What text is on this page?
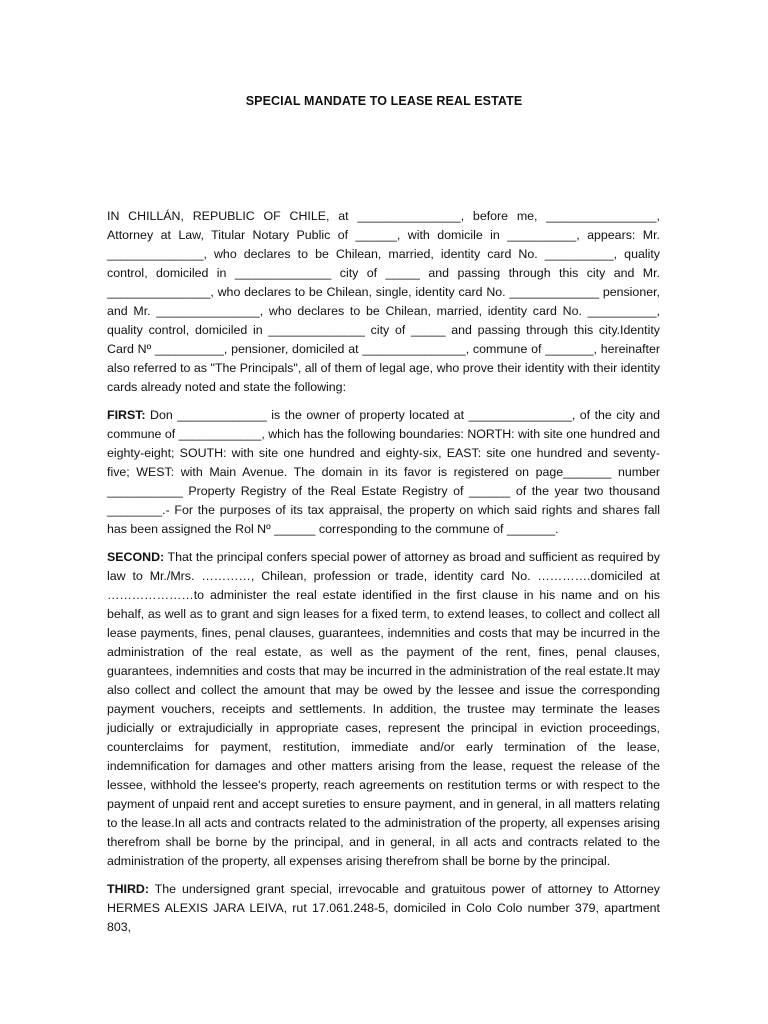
SPECIAL MANDATE TO LEASE REAL ESTATE

IN CHILLÁN, REPUBLIC OF CHILE, at _______________, before me, ________________, Attorney at Law, Titular Notary Public of ______, with domicile in __________, appears: Mr. ______________, who declares to be Chilean, married, identity card No. __________, quality control, domiciled in ______________ city of _____ and passing through this city and Mr. _______________, who declares to be Chilean, single, identity card No. _____________ pensioner, and Mr. _______________, who declares to be Chilean, married, identity card No. __________, quality control, domiciled in ______________ city of _____ and passing through this city.Identity Card Nº __________, pensioner, domiciled at _______________, commune of _______, hereinafter also referred to as "The Principals", all of them of legal age, who prove their identity with their identity cards already noted and state the following:

FIRST: Don _____________ is the owner of property located at _______________, of the city and commune of ____________, which has the following boundaries: NORTH: with site one hundred and eighty-eight; SOUTH: with site one hundred and eighty-six, EAST: site one hundred and seventy-five; WEST: with Main Avenue. The domain in its favor is registered on page_______ number ___________ Property Registry of the Real Estate Registry of ______ of the year two thousand ________.- For the purposes of its tax appraisal, the property on which said rights and shares fall has been assigned the Rol Nº ______ corresponding to the commune of _______.

SECOND: That the principal confers special power of attorney as broad and sufficient as required by law to Mr./Mrs. …………, Chilean, profession or trade, identity card No. ………….domiciled at …………………to administer the real estate identified in the first clause in his name and on his behalf, as well as to grant and sign leases for a fixed term, to extend leases, to collect and collect all lease payments, fines, penal clauses, guarantees, indemnities and costs that may be incurred in the administration of the real estate, as well as the payment of the rent, fines, penal clauses, guarantees, indemnities and costs that may be incurred in the administration of the real estate.It may also collect and collect the amount that may be owed by the lessee and issue the corresponding payment vouchers, receipts and settlements. In addition, the trustee may terminate the leases judicially or extrajudicially in appropriate cases, represent the principal in eviction proceedings, counterclaims for payment, restitution, immediate and/or early termination of the lease, indemnification for damages and other matters arising from the lease, request the release of the lessee, withhold the lessee's property, reach agreements on restitution terms or with respect to the payment of unpaid rent and accept sureties to ensure payment, and in general, in all matters relating to the lease.In all acts and contracts related to the administration of the property, all expenses arising therefrom shall be borne by the principal, and in general, in all acts and contracts related to the administration of the property, all expenses arising therefrom shall be borne by the principal.

THIRD: The undersigned grant special, irrevocable and gratuitous power of attorney to Attorney HERMES ALEXIS JARA LEIVA, rut 17.061.248-5, domiciled in Colo Colo number 379, apartment 803,
